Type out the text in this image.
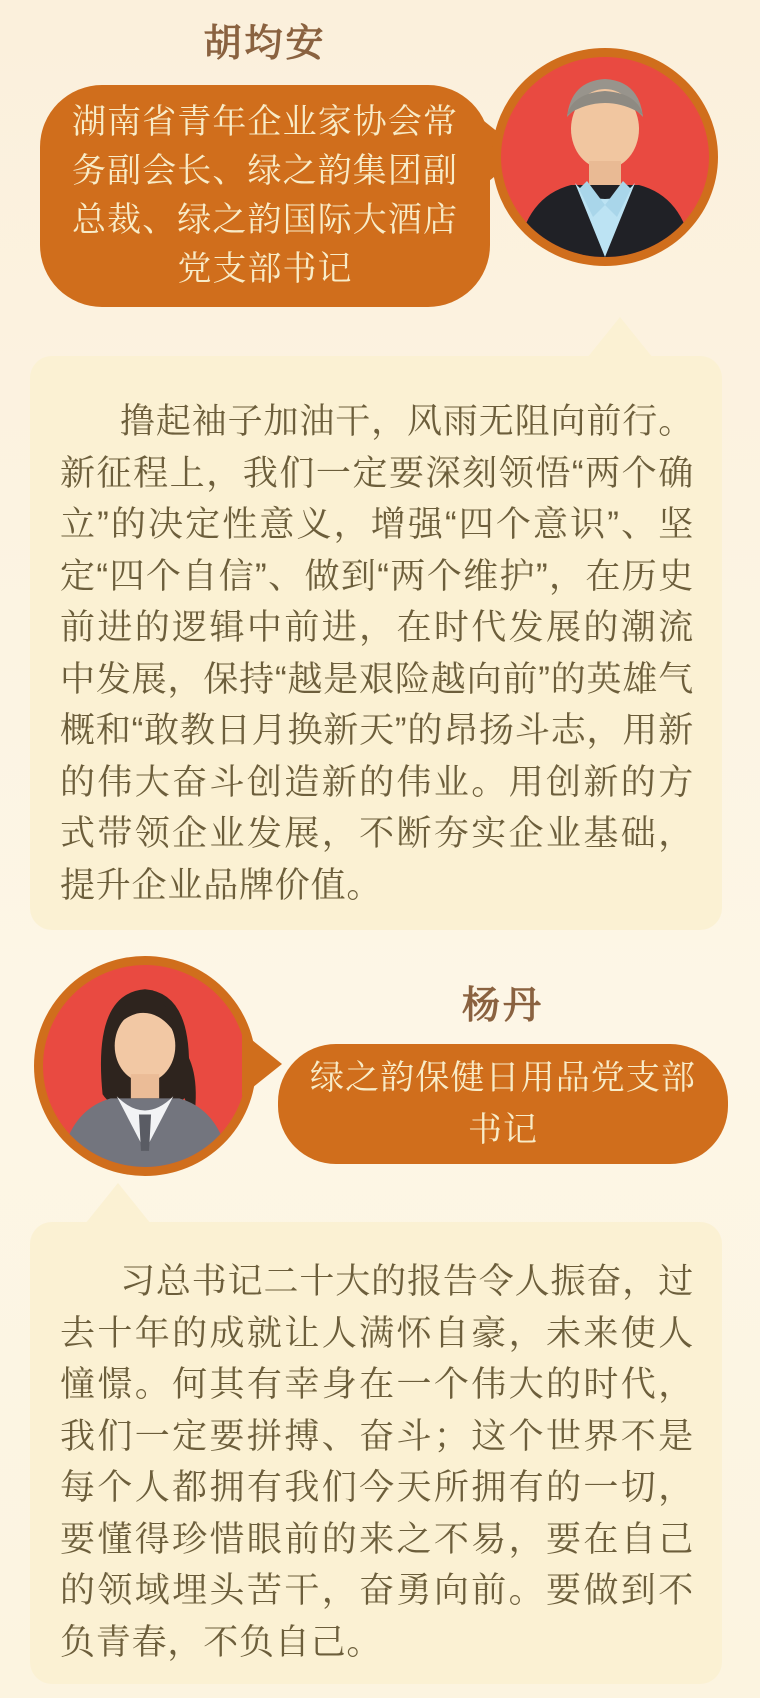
胡均安
湖南省青年企业家协会常务副会长、绿之韵集团副总裁、绿之韵国际大酒店党支部书记

撸起袖子加油干，风雨无阻向前行。新征程上，我们一定要深刻领悟“两个确立”的决定性意义，增强“四个意识”、坚定“四个自信”、做到“两个维护”，在历史前进的逻辑中前进，在时代发展的潮流中发展，保持“越是艰险越向前”的英雄气概和“敢教日月换新天”的昂扬斗志，用新的伟大奋斗创造新的伟业。用创新的方式带领企业发展，不断夯实企业基础，提升企业品牌价值。

杨丹
绿之韵保健日用品党支部书记

习总书记二十大的报告令人振奋，过去十年的成就让人满怀自豪，未来使人憧憬。何其有幸身在一个伟大的时代，我们一定要拼搏、奋斗；这个世界不是每个人都拥有我们今天所拥有的一切，要懂得珍惜眼前的来之不易，要在自己的领域埋头苦干，奋勇向前。要做到不负青春，不负自己。
